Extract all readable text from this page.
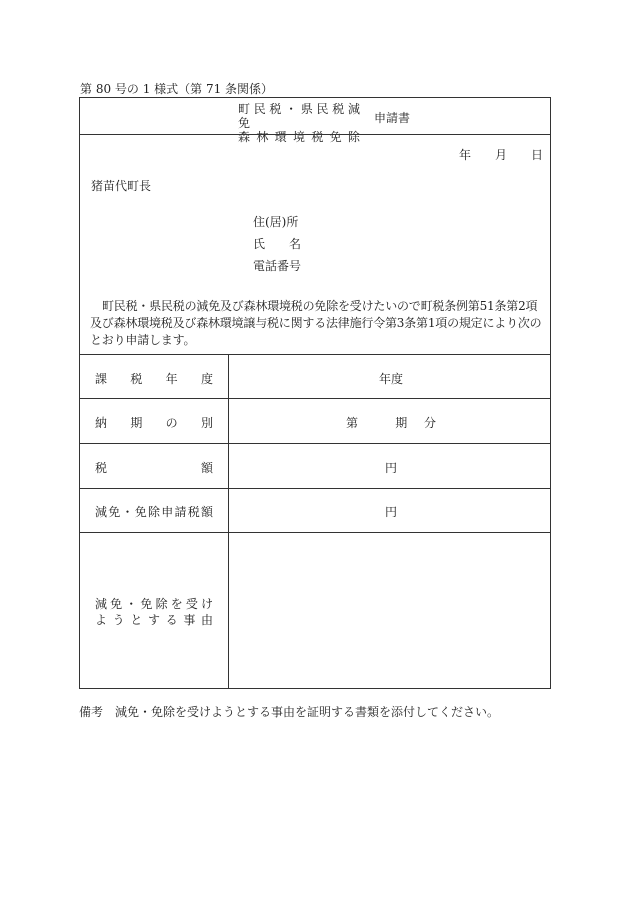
第 80 号の 1 様式（第 71 条関係）
町民税・県民税減免
森林環境税免除
申請書
年 月 日
猪苗代町長
住(居)所
氏　　名
電話番号
町民税・県民税の減免及び森林環境税の免除を受けたいので町税条例第51条第2項及び森林環境税及び森林環境譲与税に関する法律施行令第3条第1項の規定により次のとおり申請します。
課税年度	年度
納期の別	第 期分
税額	円
減免・免除申請税額	円
減免・免除を受け
ようとする事由
備考　減免・免除を受けようとする事由を証明する書類を添付してください。
